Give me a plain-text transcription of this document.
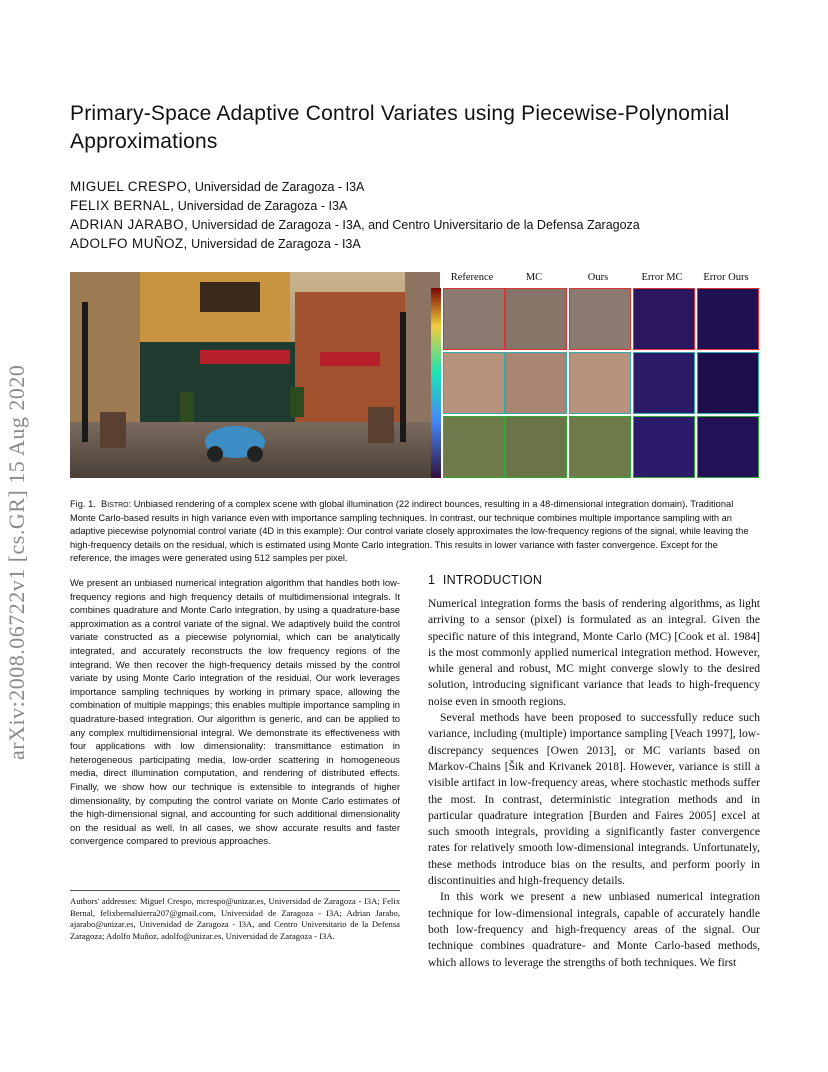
Primary-Space Adaptive Control Variates using Piecewise-Polynomial
Approximations
MIGUEL CRESPO, Universidad de Zaragoza - I3A
FELIX BERNAL, Universidad de Zaragoza - I3A
ADRIAN JARABO, Universidad de Zaragoza - I3A, and Centro Universitario de la Defensa Zaragoza
ADOLFO MUÑOZ, Universidad de Zaragoza - I3A
arXiv:2008.06722v1 [cs.GR] 15 Aug 2020
Reference	MC	Ours	Error MC	Error Ours
Fig. 1. Bistro: Unbiased rendering of a complex scene with global illumination (22 indirect bounces, resulting in a 48-dimensional integration domain). Traditional Monte Carlo-based results in high variance even with importance sampling techniques. In contrast, our technique combines multiple importance sampling with an adaptive piecewise polynomial control variate (4D in this example): Our control variate closely approximates the low-frequency regions of the signal, while leaving the high-frequency details on the residual, which is estimated using Monte Carlo integration. This results in lower variance with faster convergence. Except for the reference, the images were generated using 512 samples per pixel.
We present an unbiased numerical integration algorithm that handles both low-frequency regions and high frequency details of multidimensional integrals. It combines quadrature and Monte Carlo integration, by using a quadrature-base approximation as a control variate of the signal. We adaptively build the control variate constructed as a piecewise polynomial, which can be analytically integrated, and accurately reconstructs the low frequency regions of the integrand. We then recover the high-frequency details missed by the control variate by using Monte Carlo integration of the residual. Our work leverages importance sampling techniques by working in primary space, allowing the combination of multiple mappings; this enables multiple importance sampling in quadrature-based integration. Our algorithm is generic, and can be applied to any complex multidimensional integral. We demonstrate its effectiveness with four applications with low dimensionality: transmittance estimation in heterogeneous participating media, low-order scattering in homogeneous media, direct illumination computation, and rendering of distributed effects. Finally, we show how our technique is extensible to integrands of higher dimensionality, by computing the control variate on Monte Carlo estimates of the high-dimensional signal, and accounting for such additional dimensionality on the residual as well. In all cases, we show accurate results and faster convergence compared to previous approaches.
1 INTRODUCTION

Numerical integration forms the basis of rendering algorithms, as light arriving to a sensor (pixel) is formulated as an integral. Given the specific nature of this integrand, Monte Carlo (MC) [Cook et al. 1984] is the most commonly applied numerical integration method. However, while general and robust, MC might converge slowly to the desired solution, introducing significant variance that leads to high-frequency noise even in smooth regions.

Several methods have been proposed to successfully reduce such variance, including (multiple) importance sampling [Veach 1997], low-discrepancy sequences [Owen 2013], or MC variants based on Markov-Chains [Šik and Krivanek 2018]. However, variance is still a visible artifact in low-frequency areas, where stochastic methods suffer the most. In contrast, deterministic integration methods and in particular quadrature integration [Burden and Faires 2005] excel at such smooth integrals, providing a significantly faster convergence rates for relatively smooth low-dimensional integrands. Unfortunately, these methods introduce bias on the results, and perform poorly in discontinuities and high-frequency details.

In this work we present a new unbiased numerical integration technique for low-dimensional integrals, capable of accurately handle both low-frequency and high-frequency areas of the signal. Our technique combines quadrature- and Monte Carlo-based methods, which allows to leverage the strengths of both techniques. We first

Authors' addresses: Miguel Crespo, mcrespo@unizar.es, Universidad de Zaragoza - I3A; Felix Bernal, felixbernalsierra207@gmail.com, Universidad de Zaragoza - I3A; Adrian Jarabo, ajarabo@unizar.es, Universidad de Zaragoza - I3A, and Centro Universitario de la Defensa Zaragoza; Adolfo Muñoz, adolfo@unizar.es, Universidad de Zaragoza - I3A.
